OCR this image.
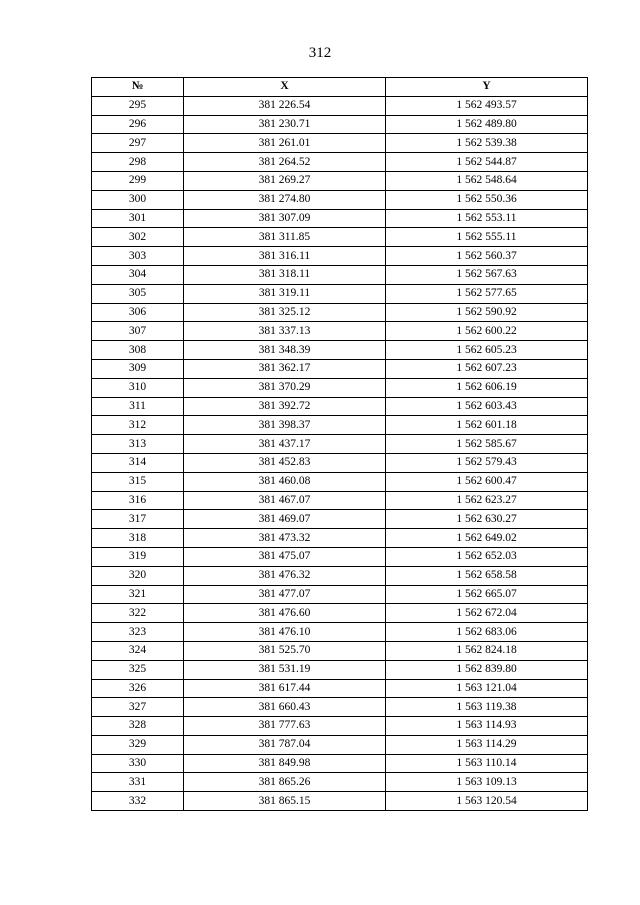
312
№	X	Y
295	381 226.54	1 562 493.57
296	381 230.71	1 562 489.80
297	381 261.01	1 562 539.38
298	381 264.52	1 562 544.87
299	381 269.27	1 562 548.64
300	381 274.80	1 562 550.36
301	381 307.09	1 562 553.11
302	381 311.85	1 562 555.11
303	381 316.11	1 562 560.37
304	381 318.11	1 562 567.63
305	381 319.11	1 562 577.65
306	381 325.12	1 562 590.92
307	381 337.13	1 562 600.22
308	381 348.39	1 562 605.23
309	381 362.17	1 562 607.23
310	381 370.29	1 562 606.19
311	381 392.72	1 562 603.43
312	381 398.37	1 562 601.18
313	381 437.17	1 562 585.67
314	381 452.83	1 562 579.43
315	381 460.08	1 562 600.47
316	381 467.07	1 562 623.27
317	381 469.07	1 562 630.27
318	381 473.32	1 562 649.02
319	381 475.07	1 562 652.03
320	381 476.32	1 562 658.58
321	381 477.07	1 562 665.07
322	381 476.60	1 562 672.04
323	381 476.10	1 562 683.06
324	381 525.70	1 562 824.18
325	381 531.19	1 562 839.80
326	381 617.44	1 563 121.04
327	381 660.43	1 563 119.38
328	381 777.63	1 563 114.93
329	381 787.04	1 563 114.29
330	381 849.98	1 563 110.14
331	381 865.26	1 563 109.13
332	381 865.15	1 563 120.54
